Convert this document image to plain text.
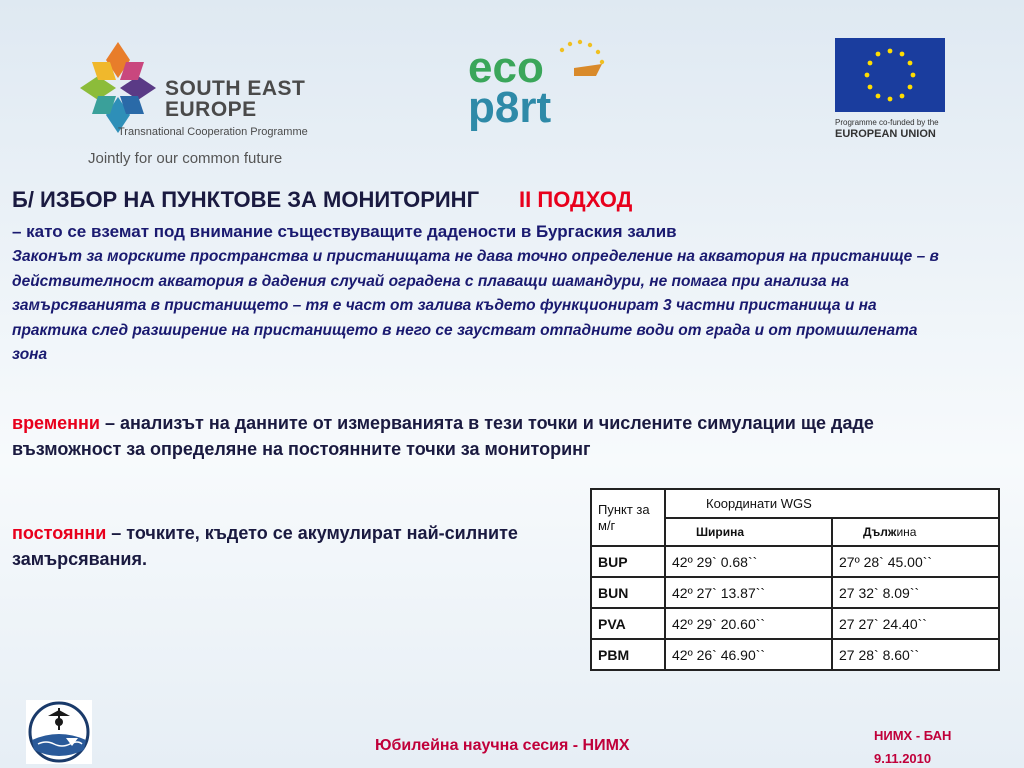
SOUTH EAST
EUROPE
Transnational Cooperation Programme
Jointly for our common future
eco
p8rt	Programme co-funded by the
EUROPEAN UNION
Б/ ИЗБОР НА ПУНКТОВЕ ЗА МОНИТОРИНГ II ПОДХОД
– като се вземат под внимание съществуващите дадености в Бургаския залив
Законът за морските пространства и пристанищата не дава точно определение на акватория на пристанище – в действителност акватория в дадения случай оградена с плаващи шамандури, не помага при анализа на замърсяванията в пристанището – тя е част от залива където функционират 3 частни пристанища и на практика след разширение на пристанището в него се заустват отпадните води от града и от промишлената зона
временни – анализът на данните от измерванията в тези точки и числените симулации ще даде възможност за определяне на постоянните точки за мониторинг
постоянни – точките, където се акумулират най-силните замърсявания.
Пункт за м/г	Координати WGS	
	Ширина	Дължина
BUP	42º 29` 0.68``	27º 28` 45.00``
BUN	42º 27` 13.87``	27 32` 8.09``
PVA	42º 29` 20.60``	27 27` 24.40``
PBM	42º 26` 46.90``	27 28` 8.60``
Юбилейна научна сесия - НИМХ
НИМХ - БАН
9.11.2010
